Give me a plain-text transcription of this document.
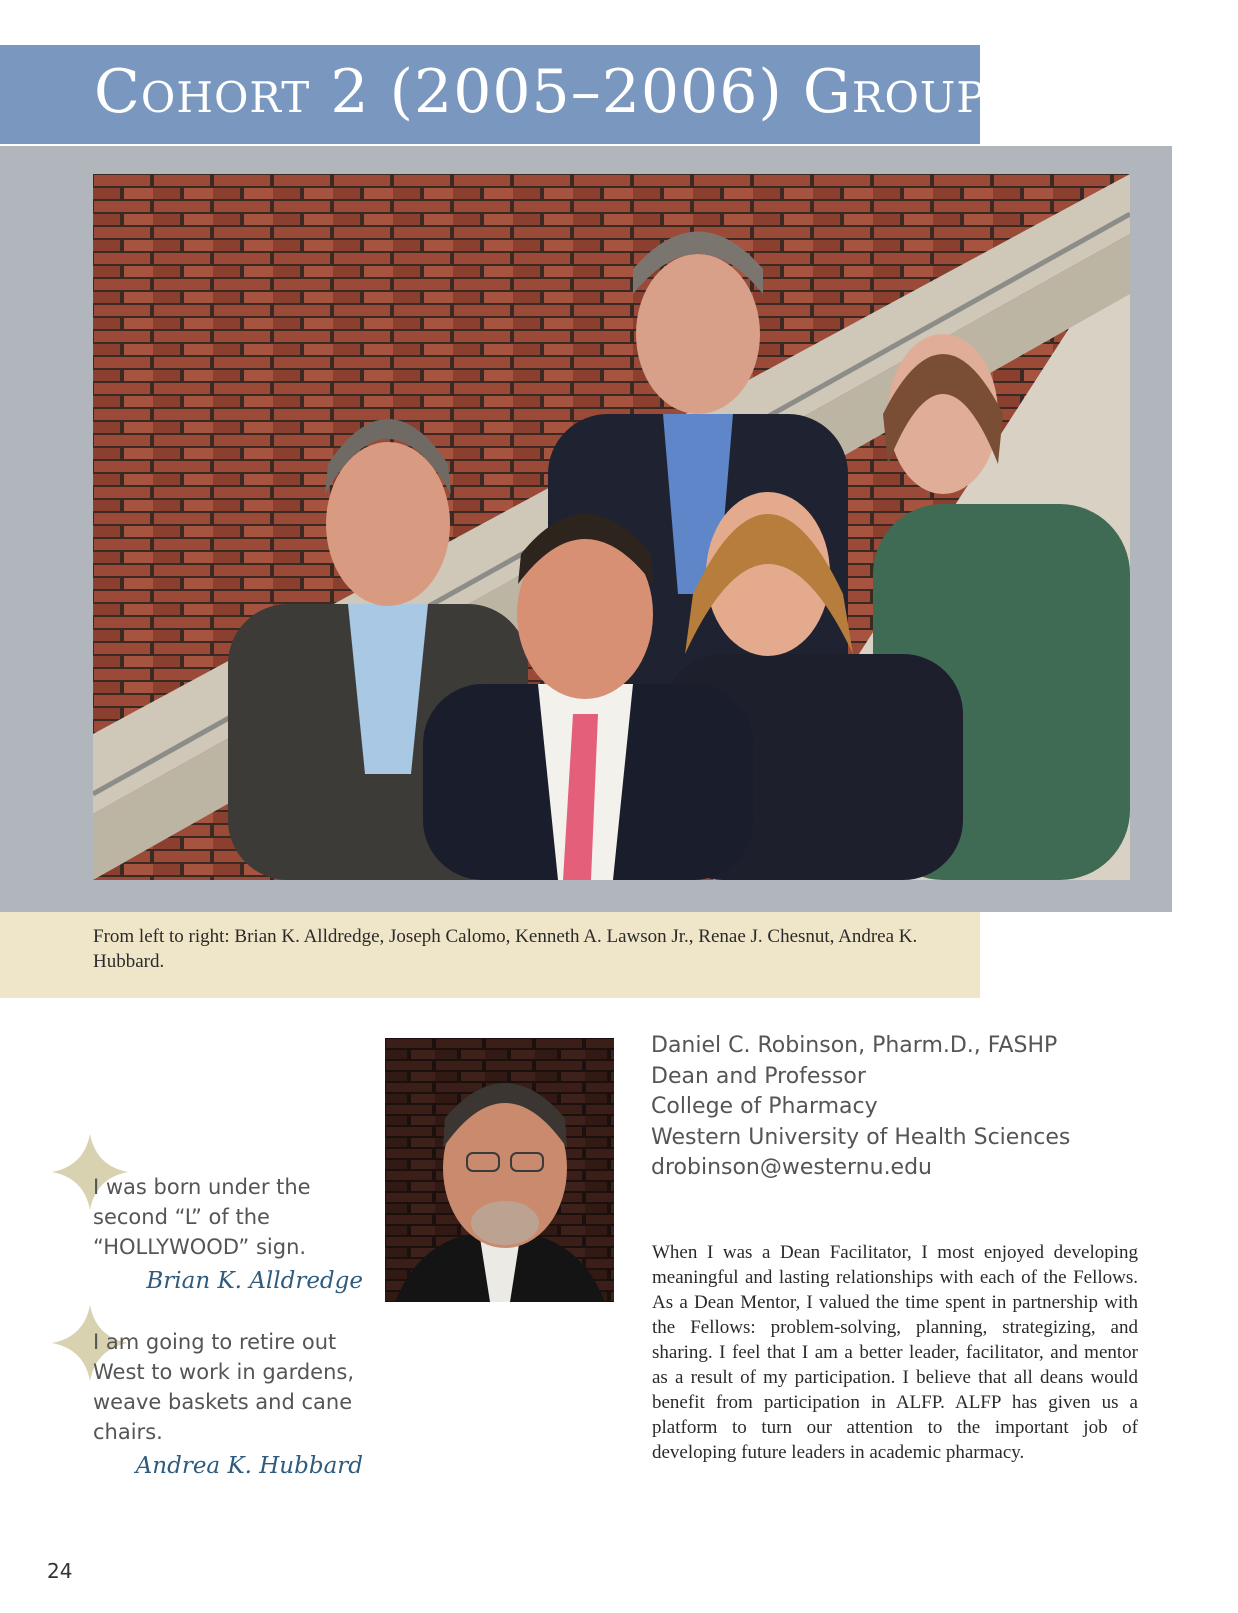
Cohort 2 (2005–2006) Group 3
From left to right: Brian K. Alldredge, Joseph Calomo, Kenneth A. Lawson Jr., Renae J. Chesnut, Andrea K. Hubbard.
Daniel C. Robinson, Pharm.D., FASHP
Dean and Professor
College of Pharmacy
Western University of Health Sciences
drobinson@westernu.edu
When I was a Dean Facilitator, I most enjoyed developing meaningful and lasting relationships with each of the Fellows. As a Dean Mentor, I valued the time spent in partnership with the Fellows: problem-solving, planning, strategizing, and sharing. I feel that I am a better leader, facilitator, and mentor as a result of my participation. I believe that all deans would benefit from participation in ALFP. ALFP has given us a platform to turn our attention to the important job of developing future leaders in academic pharmacy.
I was born under the second “L” of the “HOLLYWOOD” sign.
Brian K. Alldredge
I am going to retire out West to work in gardens, weave baskets and cane chairs.
Andrea K. Hubbard
24
